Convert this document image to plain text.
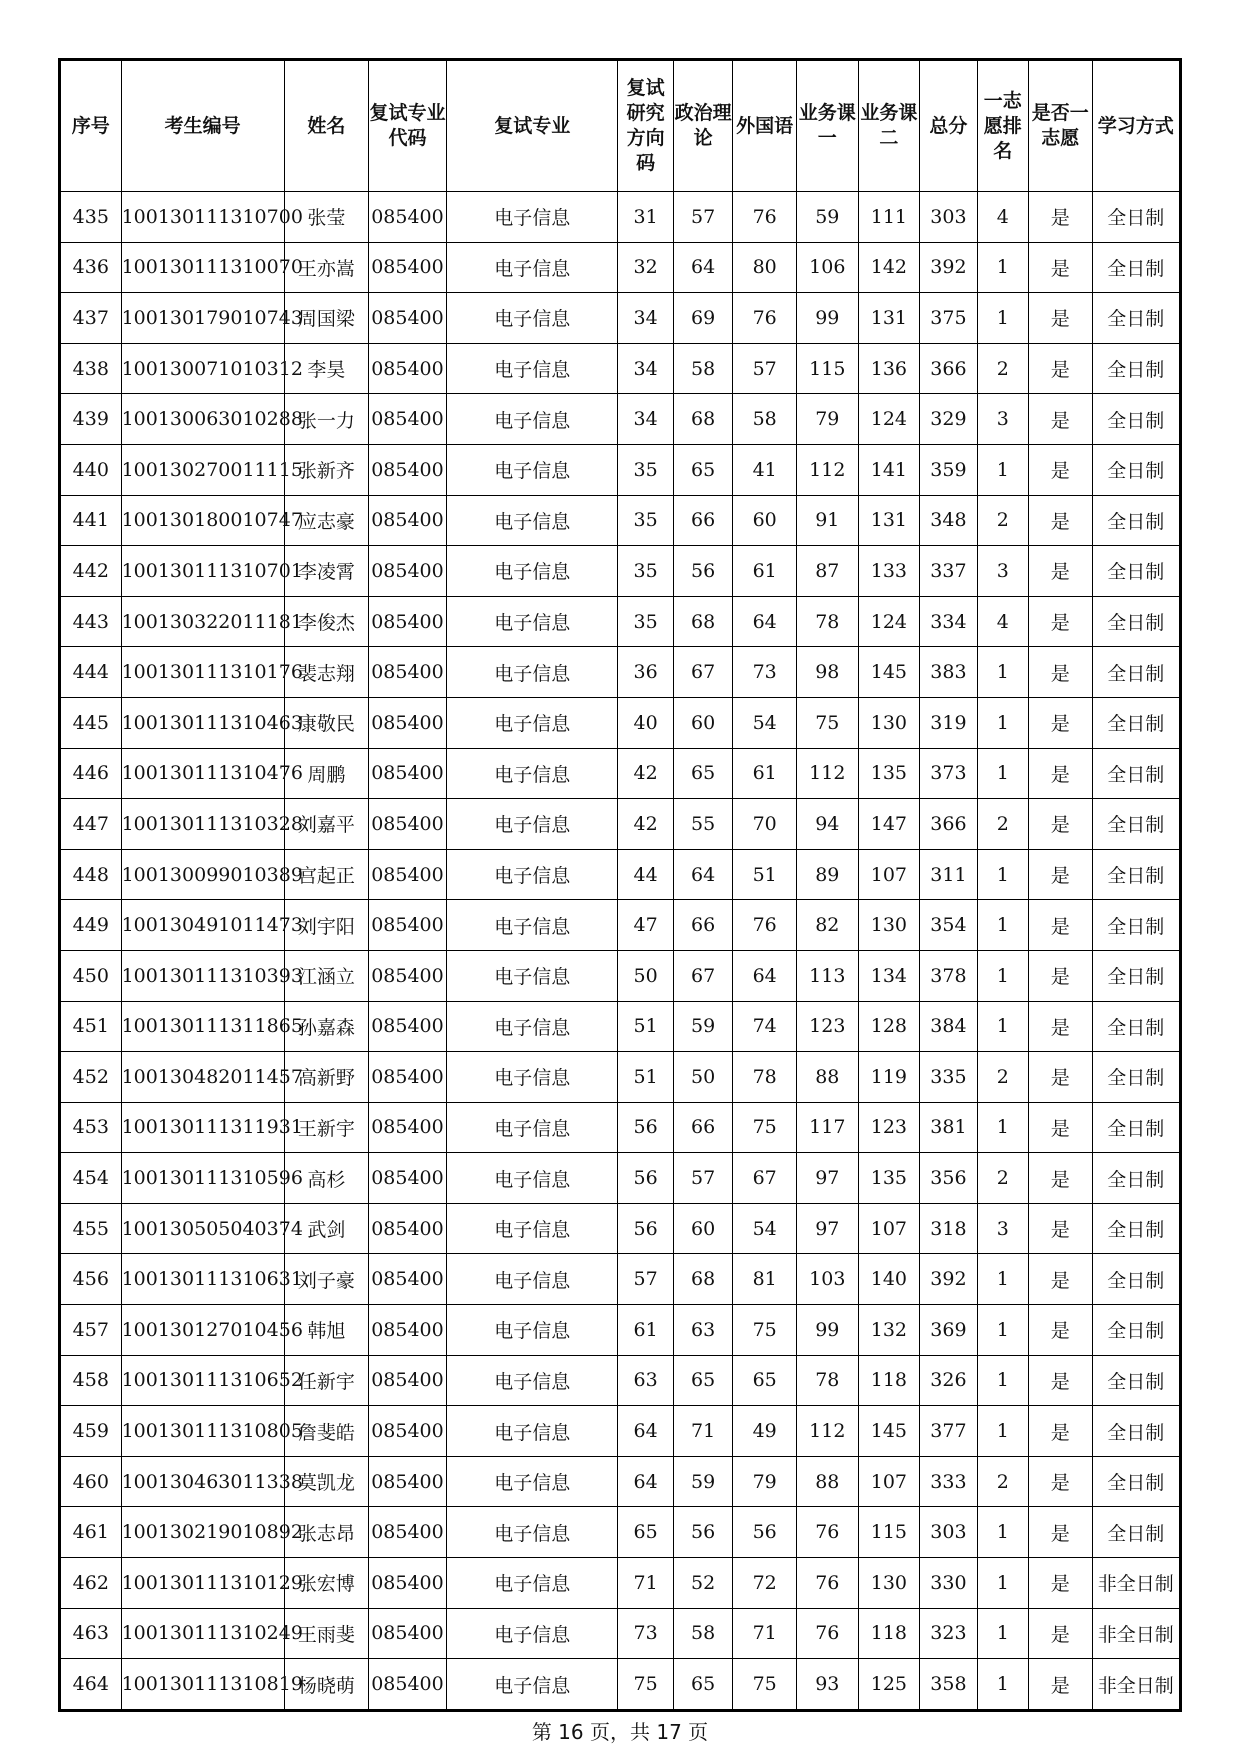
序号	考生编号	姓名	复试专业代码	复试专业	复试研究方向码	政治理论	外国语	业务课一	业务课二	总分	一志愿排名	是否一志愿	学习方式
435	100130111310700	张莹	085400	电子信息	31	57	76	59	111	303	4	是	全日制
436	100130111310070	王亦嵩	085400	电子信息	32	64	80	106	142	392	1	是	全日制
437	100130179010743	周国梁	085400	电子信息	34	69	76	99	131	375	1	是	全日制
438	100130071010312	李昊	085400	电子信息	34	58	57	115	136	366	2	是	全日制
439	100130063010288	张一力	085400	电子信息	34	68	58	79	124	329	3	是	全日制
440	100130270011115	张新齐	085400	电子信息	35	65	41	112	141	359	1	是	全日制
441	100130180010747	应志豪	085400	电子信息	35	66	60	91	131	348	2	是	全日制
442	100130111310701	李凌霄	085400	电子信息	35	56	61	87	133	337	3	是	全日制
443	100130322011181	李俊杰	085400	电子信息	35	68	64	78	124	334	4	是	全日制
444	100130111310176	裴志翔	085400	电子信息	36	67	73	98	145	383	1	是	全日制
445	100130111310463	康敬民	085400	电子信息	40	60	54	75	130	319	1	是	全日制
446	100130111310476	周鹏	085400	电子信息	42	65	61	112	135	373	1	是	全日制
447	100130111310328	刘嘉平	085400	电子信息	42	55	70	94	147	366	2	是	全日制
448	100130099010389	宫起正	085400	电子信息	44	64	51	89	107	311	1	是	全日制
449	100130491011473	刘宇阳	085400	电子信息	47	66	76	82	130	354	1	是	全日制
450	100130111310393	江涵立	085400	电子信息	50	67	64	113	134	378	1	是	全日制
451	100130111311865	孙嘉森	085400	电子信息	51	59	74	123	128	384	1	是	全日制
452	100130482011457	高新野	085400	电子信息	51	50	78	88	119	335	2	是	全日制
453	100130111311931	王新宇	085400	电子信息	56	66	75	117	123	381	1	是	全日制
454	100130111310596	高杉	085400	电子信息	56	57	67	97	135	356	2	是	全日制
455	100130505040374	武剑	085400	电子信息	56	60	54	97	107	318	3	是	全日制
456	100130111310631	刘子豪	085400	电子信息	57	68	81	103	140	392	1	是	全日制
457	100130127010456	韩旭	085400	电子信息	61	63	75	99	132	369	1	是	全日制
458	100130111310652	任新宇	085400	电子信息	63	65	65	78	118	326	1	是	全日制
459	100130111310805	詹斐皓	085400	电子信息	64	71	49	112	145	377	1	是	全日制
460	100130463011338	莫凯龙	085400	电子信息	64	59	79	88	107	333	2	是	全日制
461	100130219010892	张志昂	085400	电子信息	65	56	56	76	115	303	1	是	全日制
462	100130111310129	张宏博	085400	电子信息	71	52	72	76	130	330	1	是	非全日制
463	100130111310249	王雨斐	085400	电子信息	73	58	71	76	118	323	1	是	非全日制
464	100130111310819	杨晓萌	085400	电子信息	75	65	75	93	125	358	1	是	非全日制
第 16 页，共 17 页
